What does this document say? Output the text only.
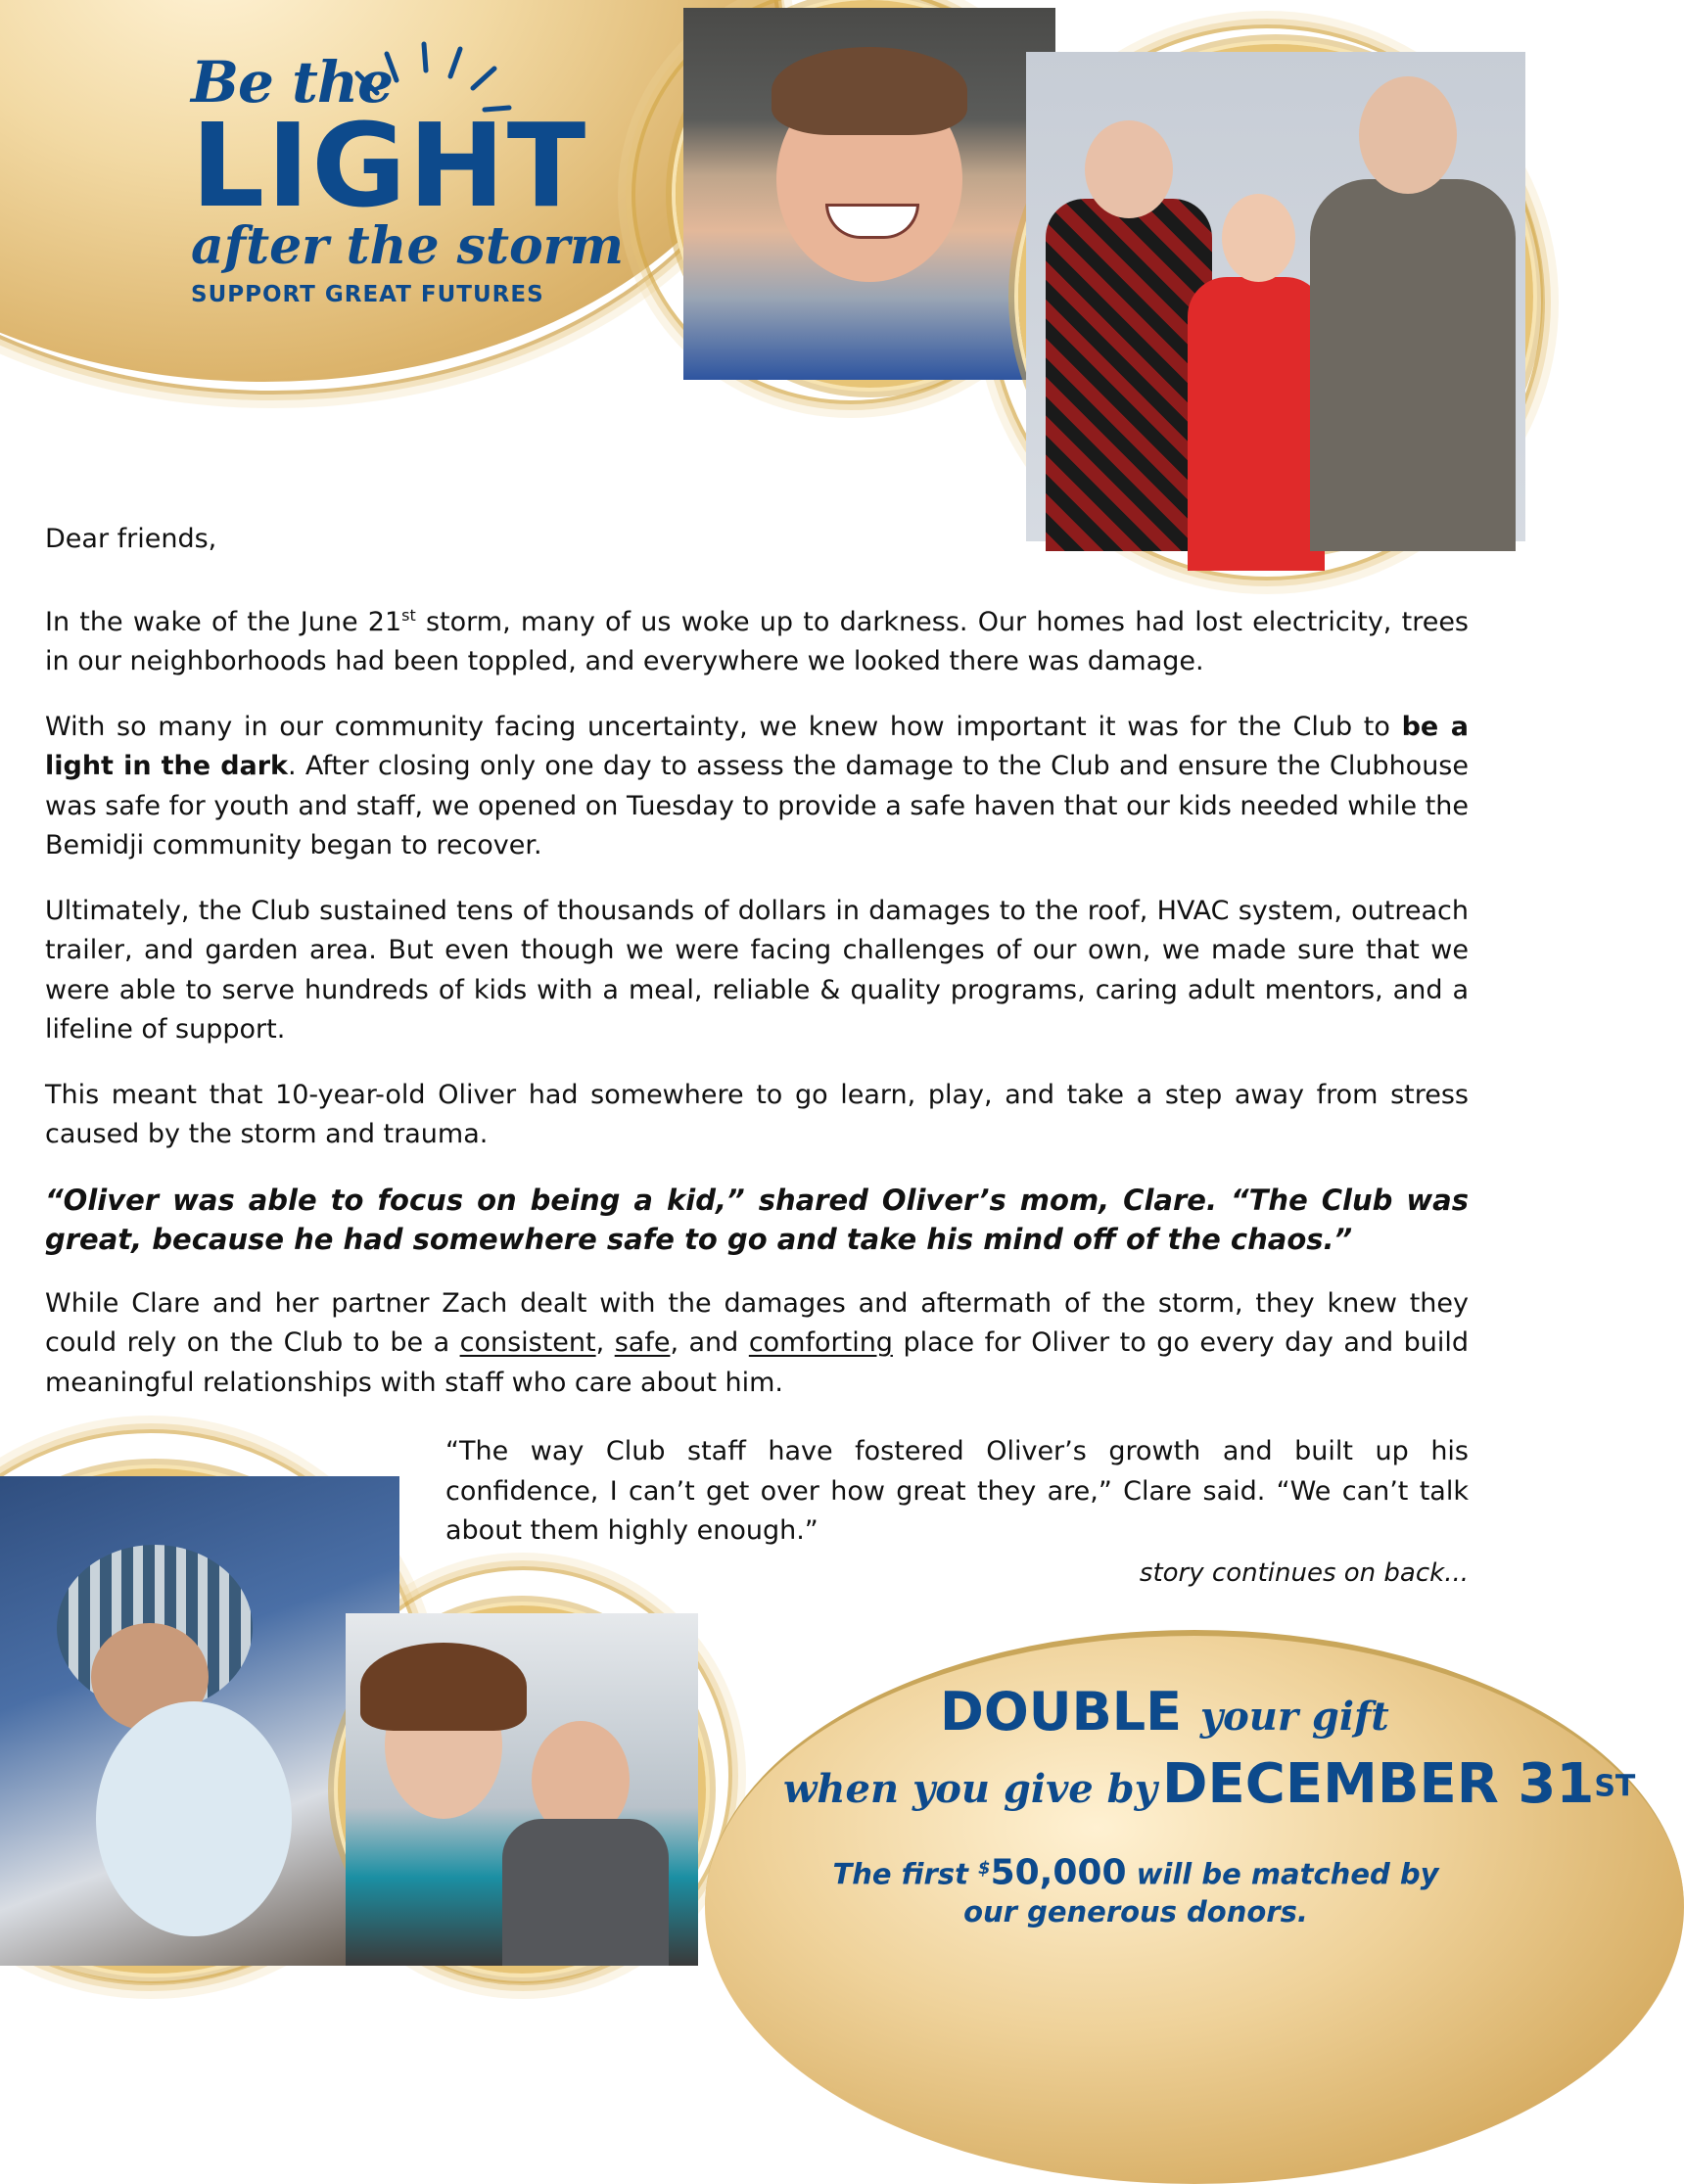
Be the
LIGHT
after the storm
SUPPORT GREAT FUTURES

Dear friends,

In the wake of the June 21st storm, many of us woke up to darkness. Our homes had lost electricity, trees in our neighborhoods had been toppled, and everywhere we looked there was damage.

With so many in our community facing uncertainty, we knew how important it was for the Club to be a light in the dark. After closing only one day to assess the damage to the Club and ensure the Clubhouse was safe for youth and staff, we opened on Tuesday to provide a safe haven that our kids needed while the Bemidji community began to recover.

Ultimately, the Club sustained tens of thousands of dollars in damages to the roof, HVAC system, outreach trailer, and garden area. But even though we were facing challenges of our own, we made sure that we were able to serve hundreds of kids with a meal, reliable & quality programs, caring adult mentors, and a lifeline of support.

This meant that 10-year-old Oliver had somewhere to go learn, play, and take a step away from stress caused by the storm and trauma.

“Oliver was able to focus on being a kid,” shared Oliver’s mom, Clare. “The Club was great, because he had somewhere safe to go and take his mind off of the chaos.”

While Clare and her partner Zach dealt with the damages and aftermath of the storm, they knew they could rely on the Club to be a consistent, safe, and comforting place for Oliver to go every day and build meaningful relationships with staff who care about him.

“The way Club staff have fostered Oliver’s growth and built up his confidence, I can’t get over how great they are,” Clare said. “We can’t talk about them highly enough.”

story continues on back...
DOUBLE your gift
when you give by DECEMBER 31ST
The first $50,000 will be matched by our generous donors.
